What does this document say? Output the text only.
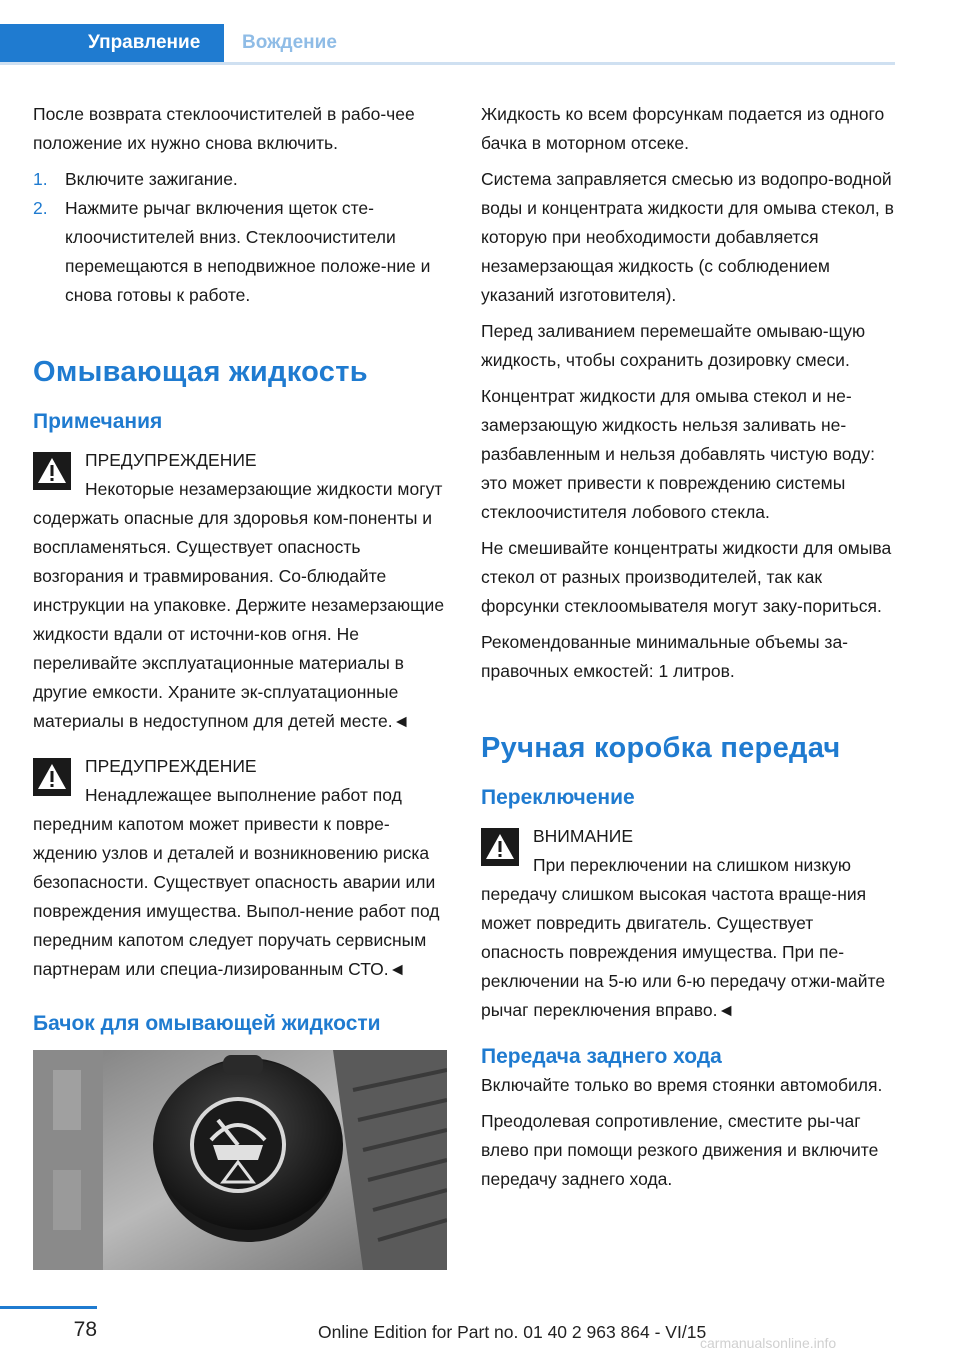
Управление	Вождение

После возврата стеклоочистителей в рабо-чее положение их нужно снова включить.

1. Включите зажигание.
2. Нажмите рычаг включения щеток сте-клоочистителей вниз. Стеклоочистители перемещаются в неподвижное положе-ние и снова готовы к работе.
Омывающая жидкость
Примечания
ПРЕДУПРЕЖДЕНИЕ
Некоторые незамерзающие жидкости могут содержать опасные для здоровья ком-поненты и воспламеняться. Существует опасность возгорания и травмирования. Со-блюдайте инструкции на упаковке. Держите незамерзающие жидкости вдали от источни-ков огня. Не переливайте эксплуатационные материалы в другие емкости. Храните эк-сплуатационные материалы в недоступном для детей месте.◄
ПРЕДУПРЕЖДЕНИЕ
Ненадлежащее выполнение работ под передним капотом может привести к повре-ждению узлов и деталей и возникновению риска безопасности. Существует опасность аварии или повреждения имущества. Выпол-нение работ под передним капотом следует поручать сервисным партнерам или специа-лизированным СТО.◄
Бачок для омывающей жидкости

Жидкость ко всем форсункам подается из одного бачка в моторном отсеке.

Система заправляется смесью из водопро-водной воды и концентрата жидкости для омыва стекол, в которую при необходимости добавляется незамерзающая жидкость (с соблюдением указаний изготовителя).

Перед заливанием перемешайте омываю-щую жидкость, чтобы сохранить дозировку смеси.

Концентрат жидкости для омыва стекол и не-замерзающую жидкость нельзя заливать не-разбавленным и нельзя добавлять чистую воду: это может привести к повреждению системы стеклоочистителя лобового стекла.

Не смешивайте концентраты жидкости для омыва стекол от разных производителей, так как форсунки стеклоомывателя могут заку-пориться.

Рекомендованные минимальные объемы за-правочных емкостей: 1 литров.

Ручная коробка передач
Переключение
ВНИМАНИЕ
При переключении на слишком низкую передачу слишком высокая частота враще-ния может повредить двигатель. Существует опасность повреждения имущества. При пе-реключении на 5-ю или 6-ю передачу отжи-майте рычаг переключения вправо.◄
Передача заднего хода

Включайте только во время стоянки автомобиля.

Преодолевая сопротивление, сместите ры-чаг влево при помощи резкого движения и включите передачу заднего хода.

78	Online Edition for Part no. 01 40 2 963 864 - VI/15
carmanualsonline.info
